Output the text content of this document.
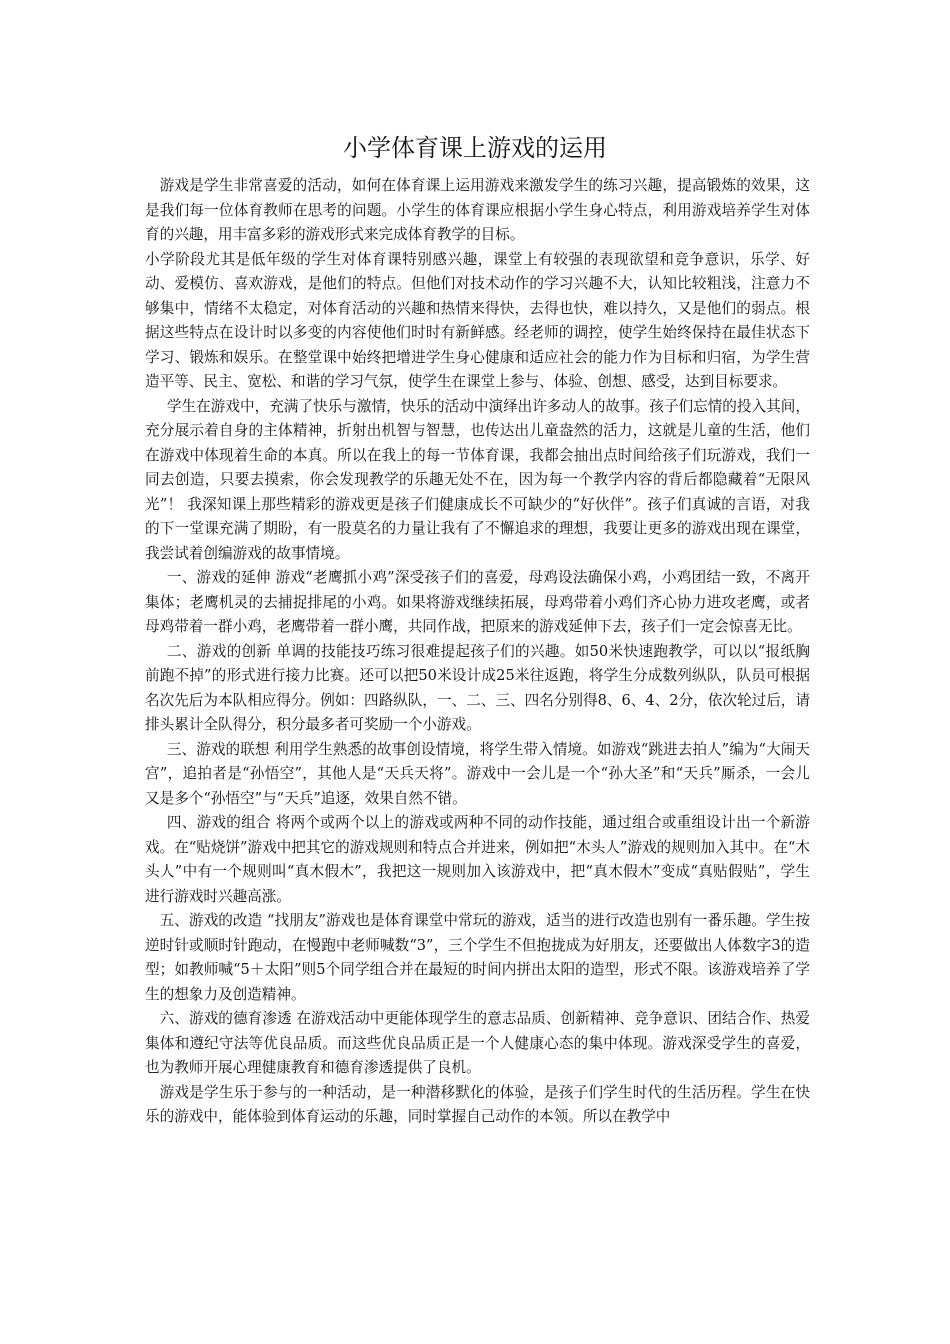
小学体育课上游戏的运用

游戏是学生非常喜爱的活动，如何在体育课上运用游戏来激发学生的练习兴趣，提高锻炼的效果，这是我们每一位体育教师在思考的问题。小学生的体育课应根据小学生身心特点，利用游戏培养学生对体育的兴趣，用丰富多彩的游戏形式来完成体育教学的目标。

小学阶段尤其是低年级的学生对体育课特别感兴趣，课堂上有较强的表现欲望和竞争意识，乐学、好动、爱模仿、喜欢游戏，是他们的特点。但他们对技术动作的学习兴趣不大，认知比较粗浅，注意力不够集中，情绪不太稳定，对体育活动的兴趣和热情来得快，去得也快，难以持久，又是他们的弱点。根据这些特点在设计时以多变的内容使他们时时有新鲜感。经老师的调控，使学生始终保持在最佳状态下学习、锻炼和娱乐。在整堂课中始终把增进学生身心健康和适应社会的能力作为目标和归宿，为学生营造平等、民主、宽松、和谐的学习气氛，使学生在课堂上参与、体验、创想、感受，达到目标要求。

学生在游戏中，充满了快乐与激情，快乐的活动中演绎出许多动人的故事。孩子们忘情的投入其间，充分展示着自身的主体精神，折射出机智与智慧，也传达出儿童盎然的活力，这就是儿童的生活，他们在游戏中体现着生命的本真。所以在我上的每一节体育课，我都会抽出点时间给孩子们玩游戏，我们一同去创造，只要去摸索，你会发现教学的乐趣无处不在，因为每一个教学内容的背后都隐藏着“无限风光”！ 我深知课上那些精彩的游戏更是孩子们健康成长不可缺少的“好伙伴”。孩子们真诚的言语，对我的下一堂课充满了期盼，有一股莫名的力量让我有了不懈追求的理想，我要让更多的游戏出现在课堂，我尝试着创编游戏的故事情境。

一、游戏的延伸 游戏“老鹰抓小鸡”深受孩子们的喜爱，母鸡设法确保小鸡，小鸡团结一致，不离开集体；老鹰机灵的去捕捉排尾的小鸡。如果将游戏继续拓展，母鸡带着小鸡们齐心协力进攻老鹰，或者母鸡带着一群小鸡，老鹰带着一群小鹰，共同作战，把原来的游戏延伸下去，孩子们一定会惊喜无比。

二、游戏的创新 单调的技能技巧练习很难提起孩子们的兴趣。如50米快速跑教学，可以以“报纸胸前跑不掉”的形式进行接力比赛。还可以把50米设计成25米往返跑，将学生分成数列纵队，队员可根据名次先后为本队相应得分。例如：四路纵队，一、二、三、四名分别得8、6、4、2分，依次轮过后，请排头累计全队得分，积分最多者可奖励一个小游戏。

三、游戏的联想 利用学生熟悉的故事创设情境，将学生带入情境。如游戏“跳进去拍人”编为“大闹天宫”，追拍者是“孙悟空”，其他人是“天兵天将”。游戏中一会儿是一个“孙大圣”和“天兵”厮杀，一会儿又是多个“孙悟空”与“天兵”追逐，效果自然不错。

四、游戏的组合 将两个或两个以上的游戏或两种不同的动作技能，通过组合或重组设计出一个新游戏。在“贴烧饼”游戏中把其它的游戏规则和特点合并进来，例如把“木头人”游戏的规则加入其中。在“木头人”中有一个规则叫“真木假木”，我把这一规则加入该游戏中，把“真木假木”变成“真贴假贴”，学生进行游戏时兴趣高涨。

五、游戏的改造 “找朋友”游戏也是体育课堂中常玩的游戏，适当的进行改造也别有一番乐趣。学生按逆时针或顺时针跑动，在慢跑中老师喊数“3”，三个学生不但抱拢成为好朋友，还要做出人体数字3的造型；如教师喊“5＋太阳”则5个同学组合并在最短的时间内拼出太阳的造型，形式不限。该游戏培养了学生的想象力及创造精神。

六、游戏的德育渗透 在游戏活动中更能体现学生的意志品质、创新精神、竞争意识、团结合作、热爱集体和遵纪守法等优良品质。而这些优良品质正是一个人健康心态的集中体现。游戏深受学生的喜爱，也为教师开展心理健康教育和德育渗透提供了良机。

游戏是学生乐于参与的一种活动，是一种潜移默化的体验，是孩子们学生时代的生活历程。学生在快乐的游戏中，能体验到体育运动的乐趣，同时掌握自己动作的本领。所以在教学中
